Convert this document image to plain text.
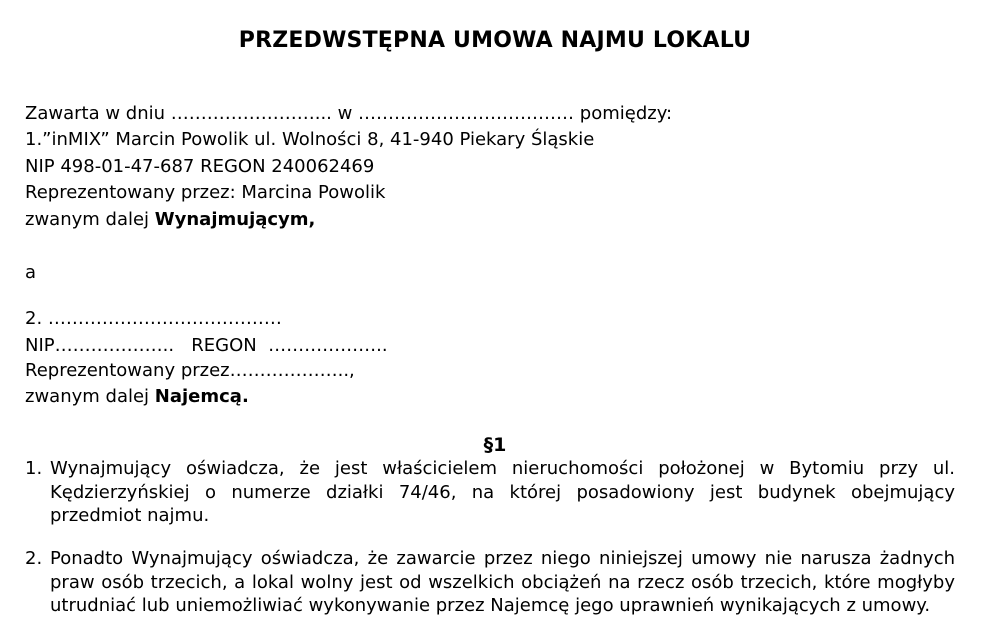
PRZEDWSTĘPNA UMOWA NAJMU LOKALU
Zawarta w dniu ……………………... w ……………………………… pomiędzy:
1.”inMIX” Marcin Powolik ul. Wolności 8, 41-940 Piekary Śląskie
NIP 498-01-47-687 REGON 240062469
Reprezentowany przez: Marcina Powolik
zwanym dalej Wynajmującym,
a
2. …………………………………
NIP………………..   REGON  ………………..
Reprezentowany przez………………..,
zwanym dalej Najemcą.
§1
1. Wynajmujący oświadcza, że jest właścicielem nieruchomości położonej w Bytomiu przy ul. Kędzierzyńskiej o numerze działki 74/46, na której posadowiony jest budynek obejmujący przedmiot najmu.
2. Ponadto Wynajmujący oświadcza, że zawarcie przez niego niniejszej umowy nie narusza żadnych praw osób trzecich, a lokal wolny jest od wszelkich obciążeń na rzecz osób trzecich, które mogłyby utrudniać lub uniemożliwiać wykonywanie przez Najemcę jego uprawnień wynikających z umowy.
